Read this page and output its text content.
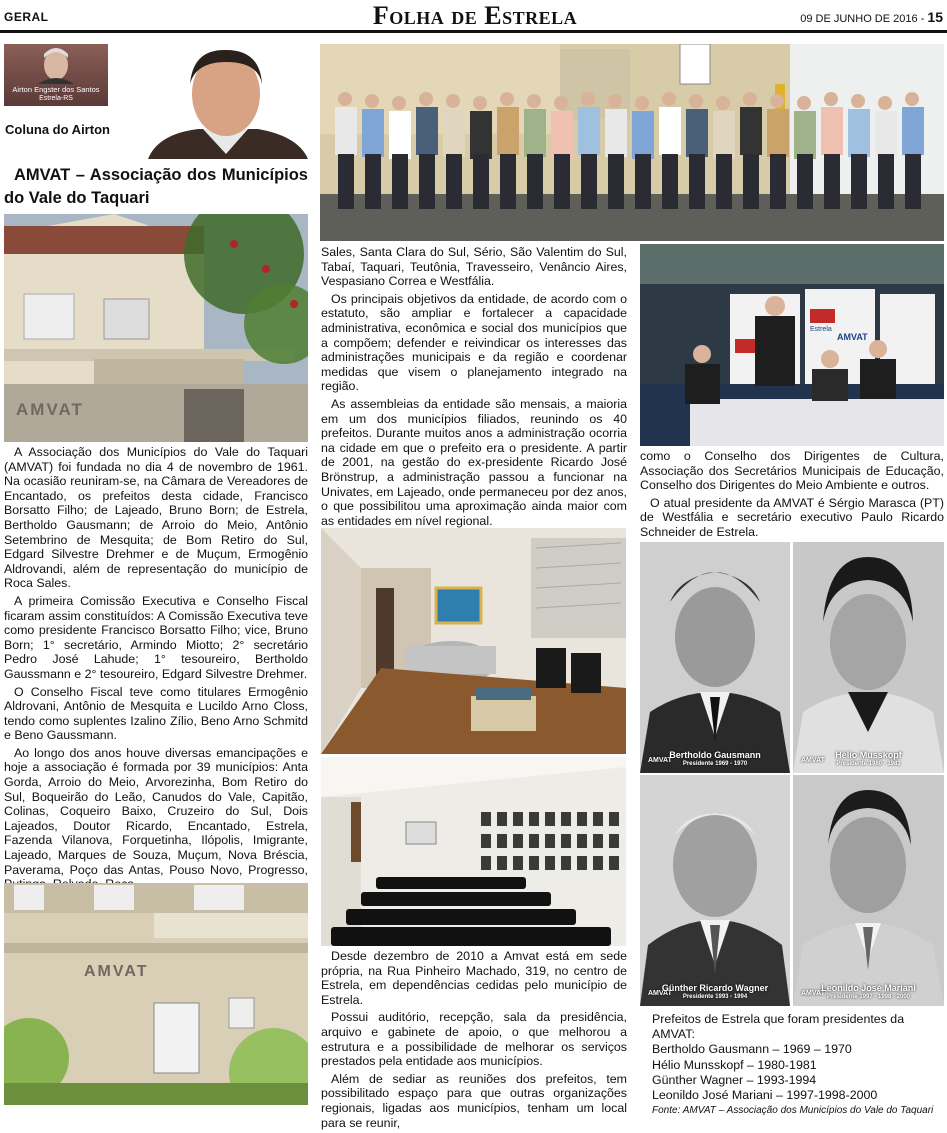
GERAL	Folha de Estrela	09 DE JUNHO DE 2016 - 15
Airton Engster dos Santos
Estrela-RS
Coluna do Airton
AMVAT – Associação dos Municípios do Vale do Taquari
AMVAT

A Associação dos Municípios do Vale do Taquari (AMVAT) foi fundada no dia 4 de novembro de 1961. Na ocasião reuniram-se, na Câmara de Vereadores de Encantado, os prefeitos desta cidade, Francisco Borsatto Filho; de Lajeado, Bruno Born; de Estrela, Bertholdo Gausmann; de Arroio do Meio, Antônio Setembrino de Mesquita; de Bom Retiro do Sul, Edgard Silvestre Drehmer e de Muçum, Ermogênio Aldrovandi, além de representação do município de Roca Sales.

A primeira Comissão Executiva e Conselho Fiscal ficaram assim constituídos: A Comissão Executiva teve como presidente Francisco Borsatto Filho; vice, Bruno Born; 1° secretário, Armindo Miotto; 2° secretário Pedro José Lahude; 1° tesoureiro, Bertholdo Gaussmann e 2° tesoureiro, Edgard Silvestre Drehmer.

O Conselho Fiscal teve como titulares Ermogênio Aldrovani, Antônio de Mesquita e Lucildo Arno Closs, tendo como suplentes Izalino Zílio, Beno Arno Schmitd e Beno Gaussmann.

Ao longo dos anos houve diversas emancipações e hoje a associação é formada por 39 municípios: Anta Gorda, Arroio do Meio, Arvorezinha, Bom Retiro do Sul, Boqueirão do Leão, Canudos do Vale, Capitão, Colinas, Coqueiro Baixo, Cruzeiro do Sul, Dois Lajeados, Doutor Ricardo, Encantado, Estrela, Fazenda Vilanova, Forquetinha, Ilópolis, Imigrante, Lajeado, Marques de Souza, Muçum, Nova Bréscia, Paverama, Poço das Antas, Pouso Novo, Progresso,

AMVAT

Sales, Santa Clara do Sul, Sério, São Valentim do Sul, Tabaí, Taquari, Teutônia, Travesseiro, Venâncio Aires, Vespasiano Correa e Westfália.

Os principais objetivos da entidade, de acordo com o estatuto, são ampliar e fortalecer a capacidade administrativa, econômica e social dos municípios que a compõem; defender e reivindicar os interesses das administrações municipais e da região e coordenar medidas que visem o planejamento integrado na região.

As assembleias da entidade são mensais, a maioria em um dos municípios filiados, reunindo os 40 prefeitos. Durante muitos anos a administração ocorria na cidade em que o prefeito era o presidente. A partir de 2001, na gestão do ex-presidente Ricardo José Brönstrup, a administração passou a funcionar na Univates, em Lajeado, onde permaneceu por dez anos, o que possibilitou uma aproximação ainda maior com as entidades em nível regional.

Desde dezembro de 2010 a Amvat está em sede própria, na Rua Pinheiro Machado, 319, no centro de Estrela, em dependências cedidas pelo município de Estrela.

Possui auditório, recepção, sala da presidência, arquivo e gabinete de apoio, o que melhorou a estrutura e a possibilidade de melhorar os serviços prestados pela entidade aos municípios.

Além de sediar as reuniões dos prefeitos, tem possibilitado espaço para que outras organizações regionais, ligadas aos municípios, tenham um local para se reunir,

AMVAT
Estrela

como o Conselho dos Dirigentes de Cultura, Associação dos Secretários Municipais de Educação, Conselho dos Dirigentes do Meio Ambiente e outros.

O atual presidente da AMVAT é Sérgio Marasca (PT) de Westfália e secretário executivo Paulo Ricardo Schneider de Estrela.

AMVAT
Bertholdo Gausmann
Presidente 1969 - 1970	AMVAT
Hélio Musskopf
Presidente 1980 - 1981
AMVAT
Günther Ricardo Wagner
Presidente 1993 - 1994	AMVAT
Leonildo José Mariani
Presidente 1997 - 1998 - 2000
Prefeitos de Estrela que foram presidentes da AMVAT:
Bertholdo Gausmann – 1969 – 1970
Hélio Munsskopf – 1980-1981
Günther Wagner – 1993-1994
Leonildo José Mariani – 1997-1998-2000
Fonte: AMVAT – Associação dos Municípios do Vale do Taquari
